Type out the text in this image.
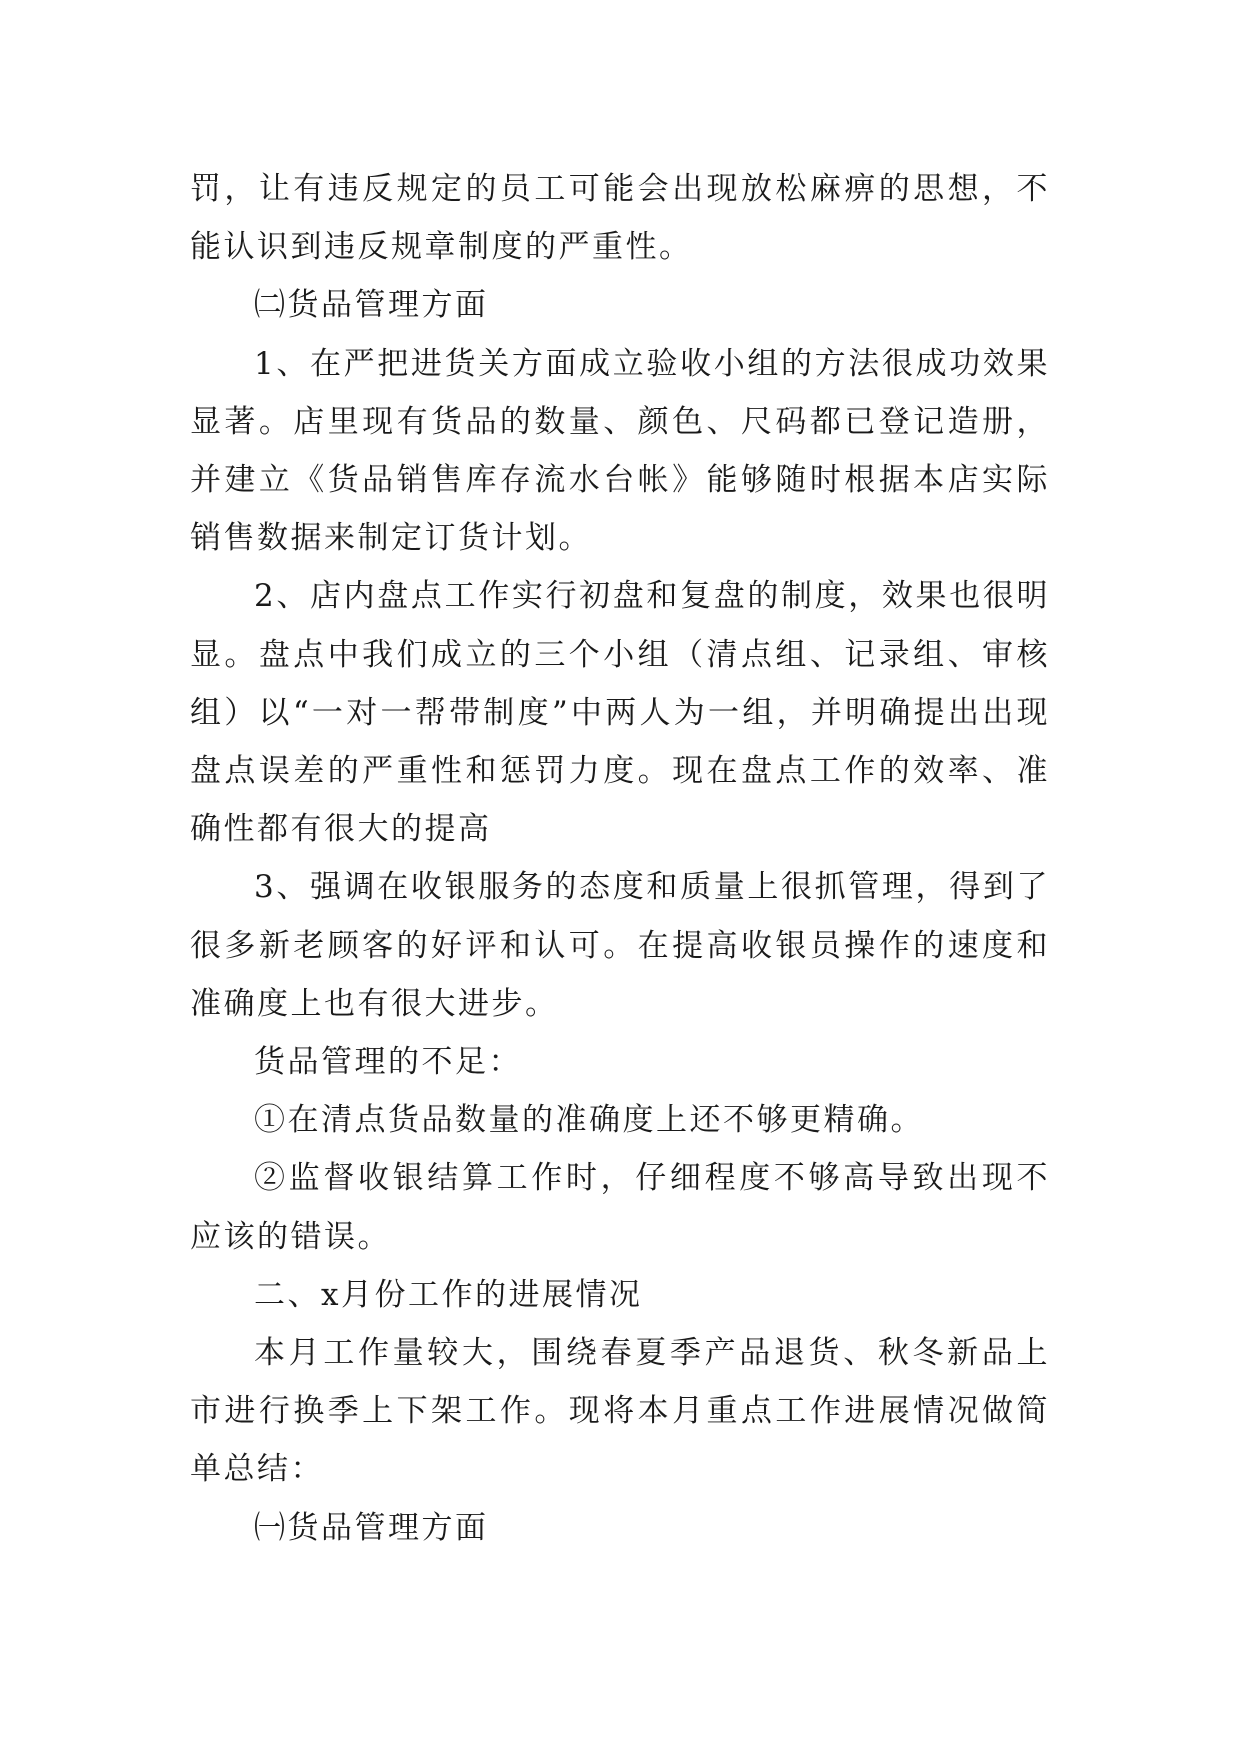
罚，让有违反规定的员工可能会出现放松麻痹的思想，不能认识到违反规章制度的严重性。

㈡货品管理方面

1、在严把进货关方面成立验收小组的方法很成功效果显著。店里现有货品的数量、颜色、尺码都已登记造册，并建立《货品销售库存流水台帐》能够随时根据本店实际销售数据来制定订货计划。

2、店内盘点工作实行初盘和复盘的制度，效果也很明显。盘点中我们成立的三个小组（清点组、记录组、审核组）以“一对一帮带制度”中两人为一组，并明确提出出现盘点误差的严重性和惩罚力度。现在盘点工作的效率、准确性都有很大的提高

3、强调在收银服务的态度和质量上很抓管理，得到了很多新老顾客的好评和认可。在提高收银员操作的速度和准确度上也有很大进步。

货品管理的不足：

①在清点货品数量的准确度上还不够更精确。

②监督收银结算工作时，仔细程度不够高导致出现不应该的错误。

二、x月份工作的进展情况

本月工作量较大，围绕春夏季产品退货、秋冬新品上市进行换季上下架工作。现将本月重点工作进展情况做简单总结：

㈠货品管理方面
